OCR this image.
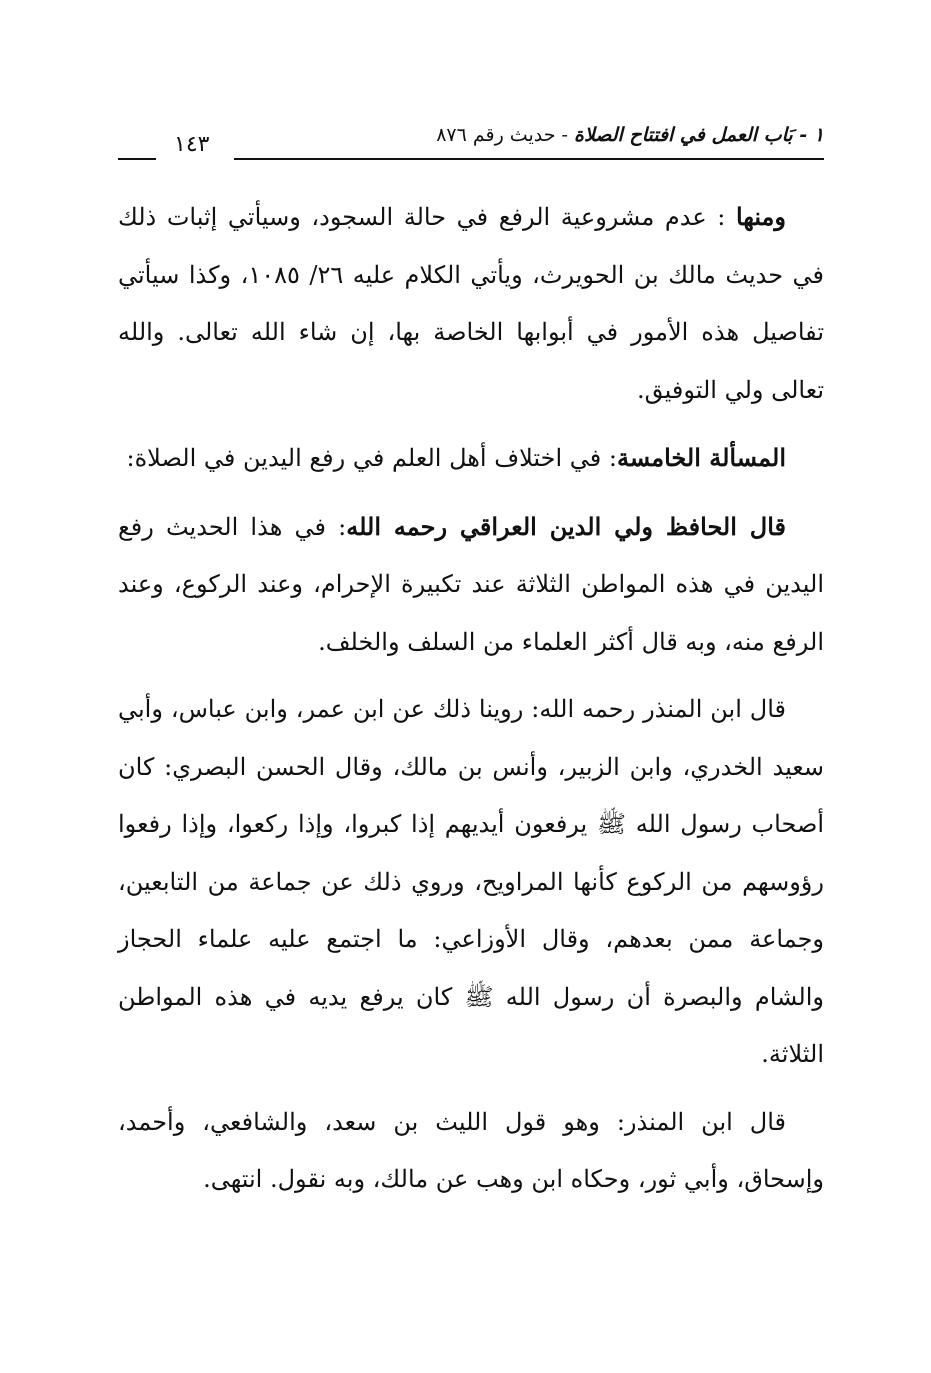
١ - بَاب العمل في افتتاح الصلاة - حديث رقم ٨٧٦
١٤٣

ومنها : عدم مشروعية الرفع في حالة السجود، وسيأتي إثبات ذلك في حديث مالك بن الحويرث، ويأتي الكلام عليه ٢٦/ ١٠٨٥، وكذا سيأتي تفاصيل هذه الأمور في أبوابها الخاصة بها، إن شاء الله تعالى. والله تعالى ولي التوفيق.

المسألة الخامسة: في اختلاف أهل العلم في رفع اليدين في الصلاة:

قال الحافظ ولي الدين العراقي رحمه الله: في هذا الحديث رفع اليدين في هذه المواطن الثلاثة عند تكبيرة الإحرام، وعند الركوع، وعند الرفع منه، وبه قال أكثر العلماء من السلف والخلف.

قال ابن المنذر رحمه الله: روينا ذلك عن ابن عمر، وابن عباس، وأبي سعيد الخدري، وابن الزبير، وأنس بن مالك، وقال الحسن البصري: كان أصحاب رسول الله ﷺ يرفعون أيديهم إذا كبروا، وإذا ركعوا، وإذا رفعوا رؤوسهم من الركوع كأنها المراويح، وروي ذلك عن جماعة من التابعين، وجماعة ممن بعدهم، وقال الأوزاعي: ما اجتمع عليه علماء الحجاز والشام والبصرة أن رسول الله ﷺ كان يرفع يديه في هذه المواطن الثلاثة.

قال ابن المنذر: وهو قول الليث بن سعد، والشافعي، وأحمد، وإسحاق، وأبي ثور، وحكاه ابن وهب عن مالك، وبه نقول. انتهى.
